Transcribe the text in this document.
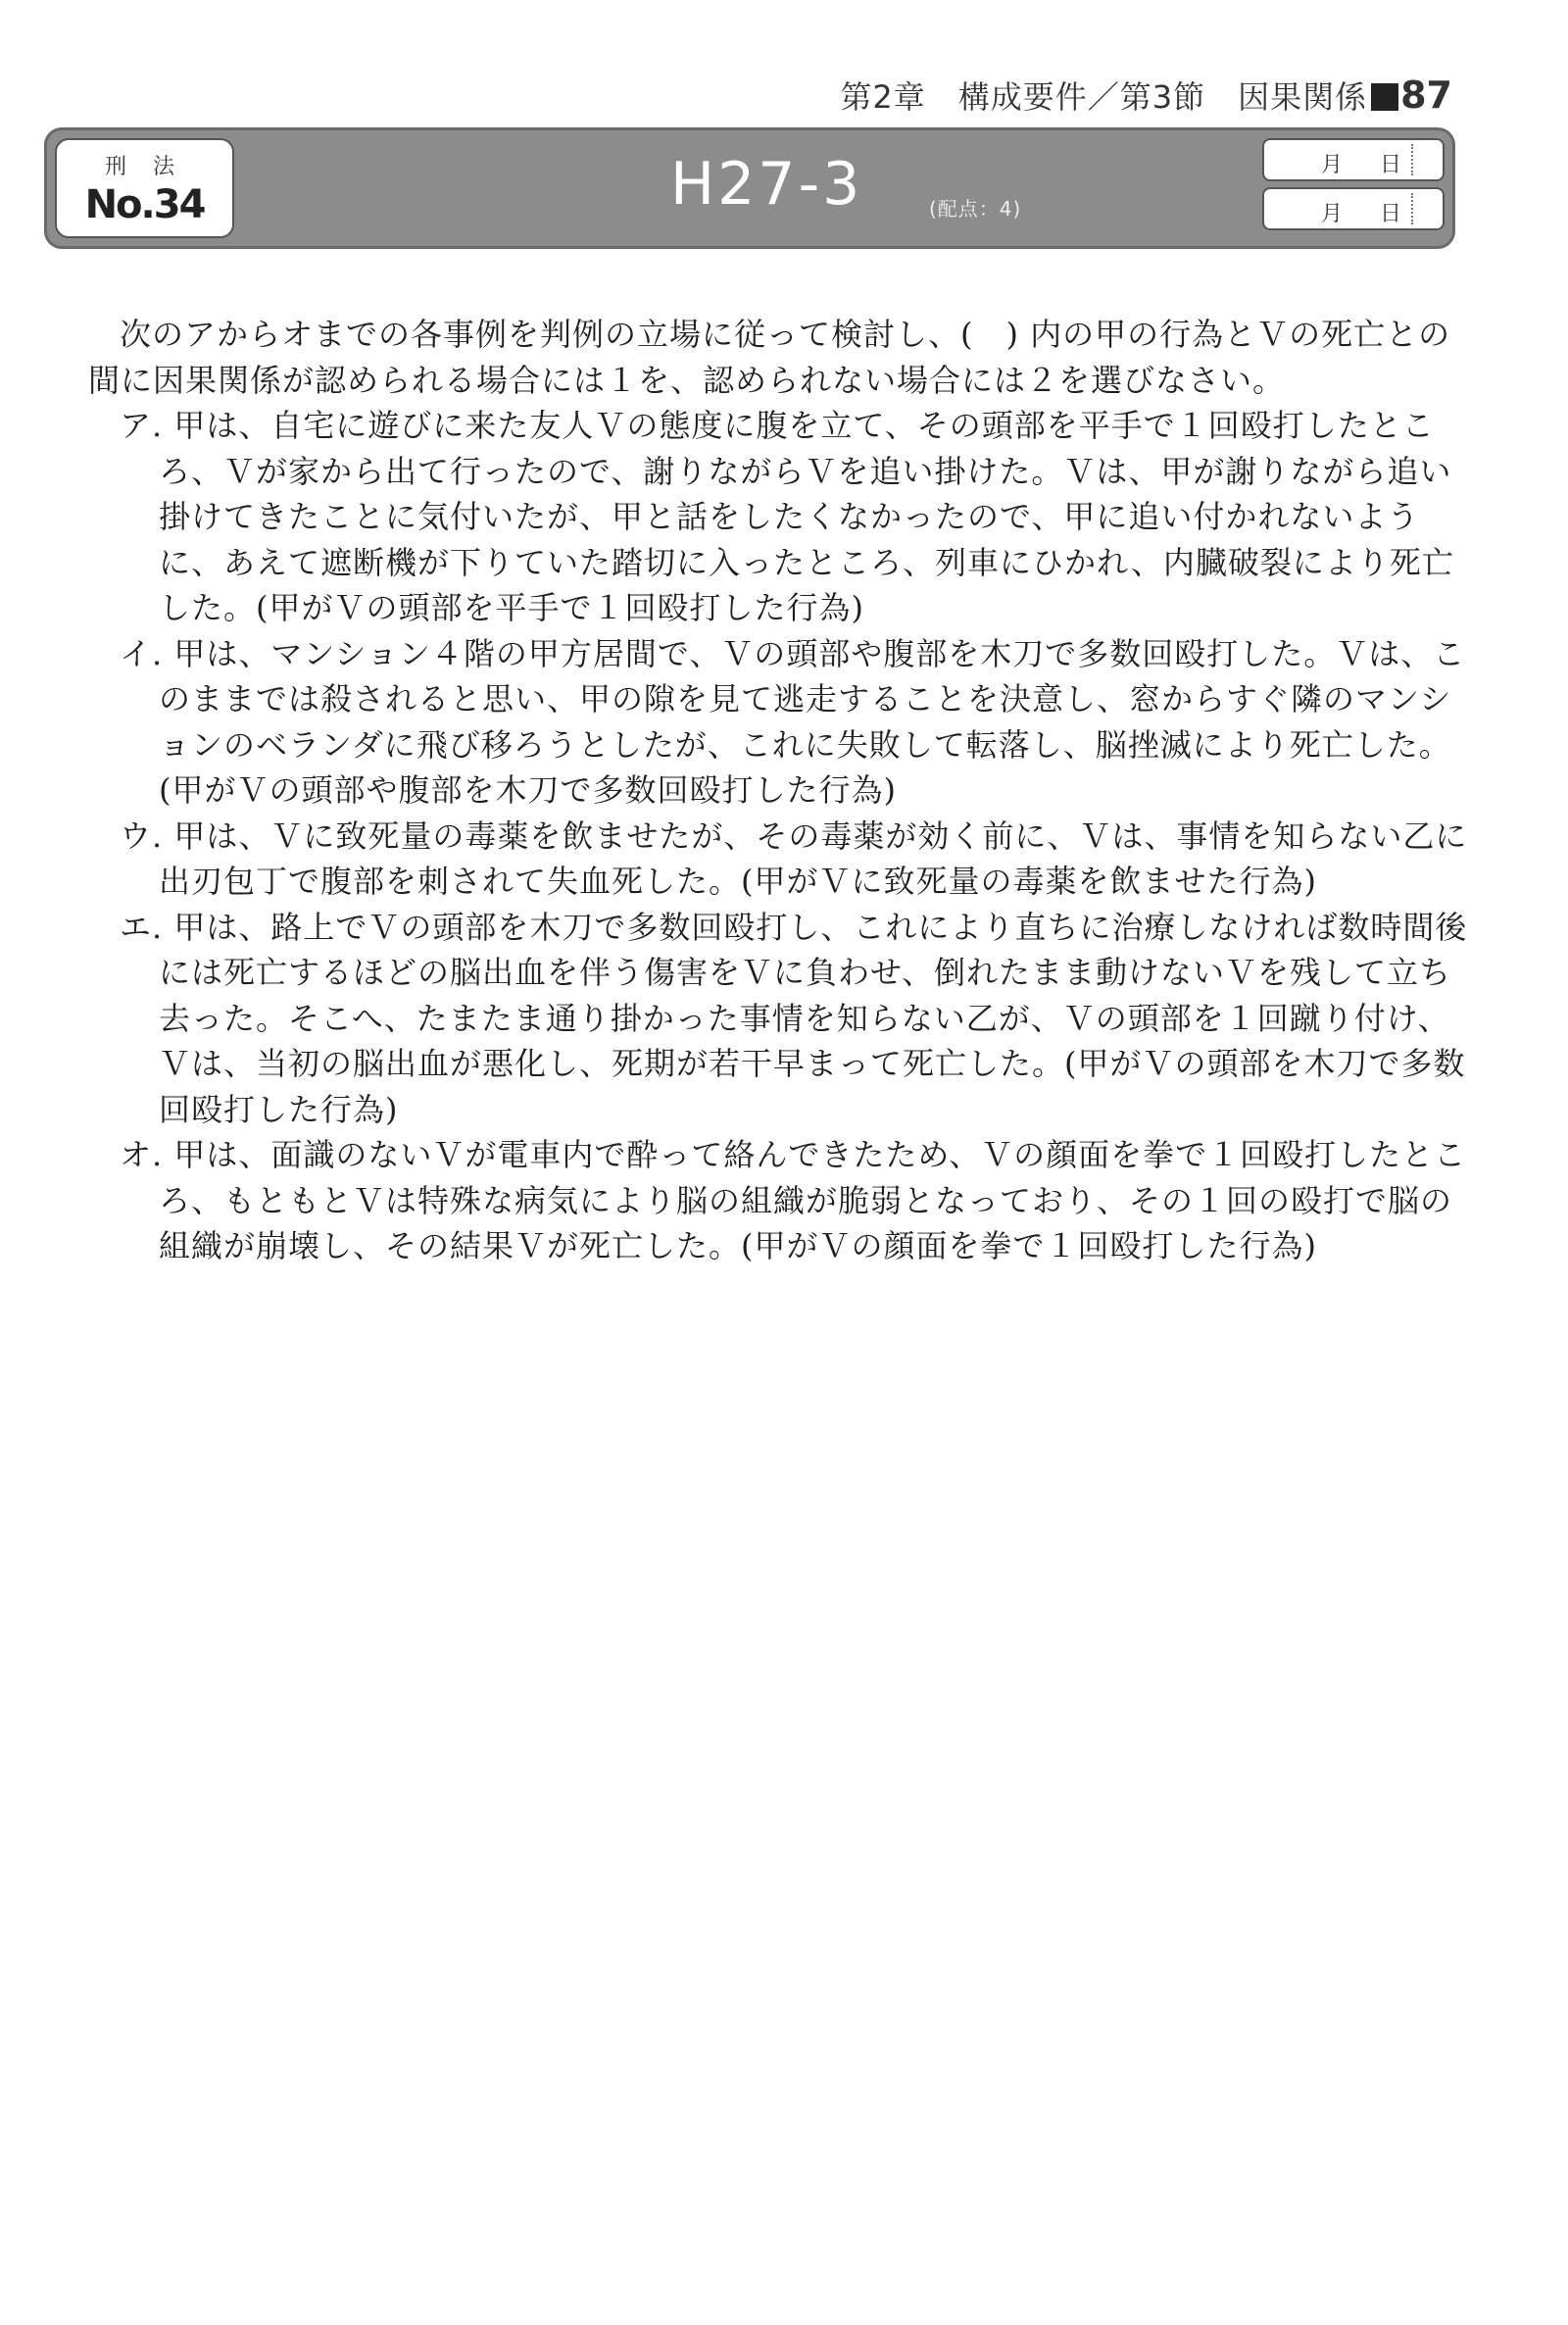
第2章　構成要件／第3節　因果関係 87
刑 法
No.34	H27-3	(配点：4)
月 日
月 日

次のアからオまでの各事例を判例の立場に従って検討し、(　) 内の甲の行為とＶの死亡との間に因果関係が認められる場合には１を、認められない場合には２を選びなさい。

ア. 甲は、自宅に遊びに来た友人Ｖの態度に腹を立て、その頭部を平手で１回殴打したところ、Ｖが家から出て行ったので、謝りながらＶを追い掛けた。Ｖは、甲が謝りながら追い掛けてきたことに気付いたが、甲と話をしたくなかったので、甲に追い付かれないように、あえて遮断機が下りていた踏切に入ったところ、列車にひかれ、内臓破裂により死亡した。(甲がＶの頭部を平手で１回殴打した行為)

イ. 甲は、マンション４階の甲方居間で、Ｖの頭部や腹部を木刀で多数回殴打した。Ｖは、このままでは殺されると思い、甲の隙を見て逃走することを決意し、窓からすぐ隣のマンションのベランダに飛び移ろうとしたが、これに失敗して転落し、脳挫滅により死亡した。(甲がＶの頭部や腹部を木刀で多数回殴打した行為)

ウ. 甲は、Ｖに致死量の毒薬を飲ませたが、その毒薬が効く前に、Ｖは、事情を知らない乙に出刃包丁で腹部を刺されて失血死した。(甲がＶに致死量の毒薬を飲ませた行為)

エ. 甲は、路上でＶの頭部を木刀で多数回殴打し、これにより直ちに治療しなければ数時間後には死亡するほどの脳出血を伴う傷害をＶに負わせ、倒れたまま動けないＶを残して立ち去った。そこへ、たまたま通り掛かった事情を知らない乙が、Ｖの頭部を１回蹴り付け、Ｖは、当初の脳出血が悪化し、死期が若干早まって死亡した。(甲がＶの頭部を木刀で多数回殴打した行為)

オ. 甲は、面識のないＶが電車内で酔って絡んできたため、Ｖの顔面を拳で１回殴打したところ、もともとＶは特殊な病気により脳の組織が脆弱となっており、その１回の殴打で脳の組織が崩壊し、その結果Ｖが死亡した。(甲がＶの顔面を拳で１回殴打した行為)
